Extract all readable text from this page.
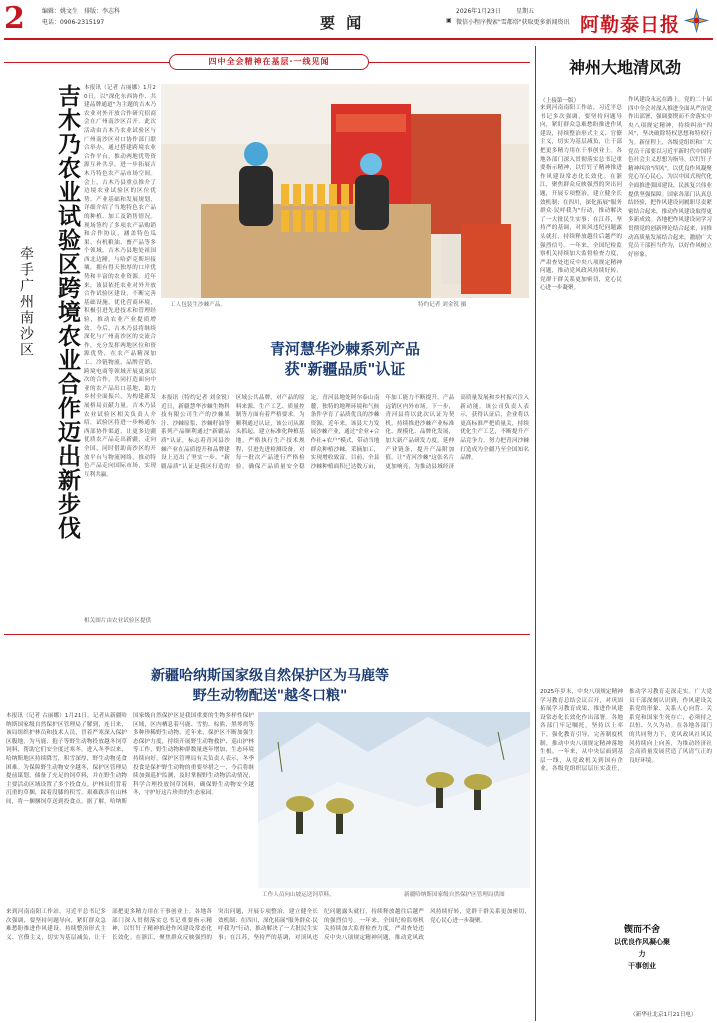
2	编辑：姚文生 排版：李志科
电话：0906-2315197	要 闻
2026年1月23日	星期五
▣ 微信小程序搜索"雪都塔"获取更多新闻资讯 阿勒泰日报
四中全会精神在基层·一线见闻
吉木乃农业试验区跨境农业合作迈出新步伐
牵手广州南沙区
本报讯（记者 古丽娜）1月20日，以"深化东西协作、共建品牌通道"为主题的吉木乃农业对外开放合作研究招商会在广州南沙区召开。此次活动由吉木乃农业试验区与广州南沙区对口协作部门联合举办，通过搭建跨境农业合作平台，推动两地优势资源互补共享，进一步拓展吉木乃特色农产品市场空间。会上，吉木乃县重点推介了边境农业试验区的区位优势、产业基础和发展规划，详细介绍了当地特色农产品的种植、加工及销售情况。现场签约了多项农产品购销和合作协议，涵盖特色瓜果、有机粮油、畜产品等多个领域。吉木乃县地处祖国西北边陲，与哈萨克斯坦接壤，拥有得天独厚的口岸优势和丰富的农业资源。近年来，该县依托农业对外开放合作试验区建设，不断完善基础设施，优化营商环境，积极引进先进技术和管理经验，推动农业产业提质增效。今后，吉木乃县将继续深化与广州南沙区的交流合作，充分发挥两地区位和资源优势，在农产品精深加工、冷链物流、品牌营销、跨境电商等领域开展更深层次的合作，共同打造面向中亚的农产品出口基地，助力乡村全面振兴，为构建新发展格局贡献力量。吉木乃县农业试验区相关负责人介绍，试验区将进一步畅通东西部协作渠道，让更多边疆优质农产品走出新疆，走向全国，同时借助南沙区的开放平台与物流网络，推动特色产品走向国际市场，实现互利共赢。
相关图片由农业试验区提供
工人包装生沙棘产品。	特约记者 刘金锐 摄
青河慧华沙棘系列产品
获"新疆品质"认证
本报讯（特约记者 刘金锐）近日，新疆慧华沙棘生物科技有限公司生产的沙棘果汁、沙棘原浆、沙棘籽油等系列产品顺利通过"新疆品质"认证，标志着青河县沙棘产业在品质提升和品牌建设上迈出了坚实一步。"新疆品质"认证是我区打造的区域公共品牌，对产品的原料来源、生产工艺、质量控制等方面有着严格要求。为顺利通过认证，该公司从源头抓起，建立标准化种植基地，严格执行生产技术规程，引进先进检测设备，对每一批次产品进行严格检验，确保产品质量安全稳定。青河县地处阿尔泰山南麓，独特的地理环境和气候条件孕育了品质优良的沙棘资源。近年来，该县大力发展沙棘产业，通过"企业+合作社+农户"模式，带动当地群众种植沙棘、采摘加工，实现增收致富。目前，全县沙棘种植面积已达数万亩，年加工能力不断提升，产品远销区内外市场。下一步，青河县将以此次认证为契机，持续推进沙棘产业标准化、规模化、品牌化发展，加大新产品研发力度，延伸产业链条，提升产品附加值，让"青河沙棘"这张名片更加响亮，为推动县域经济高质量发展和乡村振兴注入新动能。该公司负责人表示，获得认证后，企业将以更高标准严把质量关，持续优化生产工艺，不断提升产品竞争力，努力把青河沙棘打造成为全疆乃至全国知名品牌。
新疆哈纳斯国家级自然保护区为马鹿等
野生动物配送"越冬口粮"
本报讯（记者 古丽娜）1月21日，记者从新疆哈纳斯国家级自然保护区管理局了解到，连日来，该局组织护林员和技术人员，冒着严寒深入保护区腹地，为马鹿、狍子等野生动物投放越冬饲草饲料，帮助它们安全度过寒冬。进入冬季以来，哈纳斯地区持续降雪，积雪深厚，野生动物觅食困难。为保障野生动物安全越冬，保护区管理局提前谋划，储备了充足的饲草料，并在野生动物主要活动区域设置了多个投食点。护林员们背着沉重的草捆，踩着没膝的积雪，艰难跋涉在山林间，将一捆捆饲草送到投食点。据了解，哈纳斯国家级自然保护区是我国重要的生物多样性保护区域，区内栖息着马鹿、雪豹、棕熊、黑琴鸡等多种珍稀野生动物。近年来，保护区不断加强生态保护力度，持续开展野生动物救护、巡山护林等工作，野生动物种群数量逐年增加，生态环境持续向好。保护区管理局有关负责人表示，冬季投食是保护野生动物的重要举措之一，今后将继续加强巡护监测，及时掌握野生动物活动情况，科学合理投放饲草饲料，确保野生动物安全越冬，守护好这片珍贵的生态家园。
工作人员向山坡运送饲草料。	新疆哈纳斯国家级自然保护区管理局供图
神州大地清风劲
（上接第一版）
来到河南南阳工作站，习近平总书记多次强调，要坚持问题导向，紧盯群众急难愁盼推进作风建设，持续整治形式主义、官僚主义，切实为基层减负，让干部把更多精力用在干事创业上。各地各部门深入贯彻落实总书记重要指示精神，以钉钉子精神推进作风建设常态化长效化。在浙江，聚焦群众反映强烈的突出问题，开展专项整治，建立健全长效机制；在四川，深化拓展"服务群众·民呼我为"行动，推动解决了一大批民生实事；在江苏，坚持严的基调，对顶风违纪问题露头就打，持续释放越往后越严的强烈信号。一年来，全国纪检监察机关持续加大监督检查力度，严肃查处违反中央八项规定精神问题，推动党风政风持续好转，党群干群关系更加密切，党心民心进一步凝聚。
作风建设永远在路上。党的二十届四中全会对深入推进全面从严治党作出部署，强调要锲而不舍落实中央八项规定精神，持续纠治"四风"，坚决破除特权思想和特权行为。新征程上，各级党组织和广大党员干部要以习近平新时代中国特色社会主义思想为指导，以钉钉子精神纠治"四风"，以优良作风凝聚党心军心民心，为以中国式现代化全面推进强国建设、民族复兴伟业提供坚强保障。国家各部门认真总结经验，把作风建设同履职尽责紧密结合起来，推动作风建设取得更多新成效。各地把作风建设同学习贯彻党的创新理论结合起来，同推动高质量发展结合起来，激励广大党员干部担当作为，以好作风树立好形象。
锲而不舍
以优良作风凝心聚力
干事创业
2025年岁末，中央八项规定精神学习教育总结会议召开，对巩固拓展学习教育成果、推进作风建设常态化长效化作出部署。各地各部门牢记嘱托，坚持以上率下，强化教育引导，完善制度机制，推动中央八项规定精神落地生根。一年来，从中央层面到基层一线，从党政机关到国有企业，各级党组织层层压实责任，推动学习教育走深走实。广大党员干部深刻认识到，作风建设关系党的形象、关系人心向背、关系党和国家生死存亡，必须持之以恒、久久为功。在各地各部门的共同努力下，党风政风社风民风持续向上向善，为推动经济社会高质量发展营造了风清气正的良好环境。
（新华社北京1月21日电）
来到河南南阳工作站，习近平总书记多次强调，要坚持问题导向，紧盯群众急难愁盼推进作风建设，持续整治形式主义、官僚主义，切实为基层减负，让干部把更多精力用在干事创业上。各地各部门深入贯彻落实总书记重要指示精神，以钉钉子精神推进作风建设常态化长效化。在浙江，聚焦群众反映强烈的突出问题，开展专项整治，建立健全长效机制；在四川，深化拓展"服务群众·民呼我为"行动，推动解决了一大批民生实事；在江苏，坚持严的基调，对顶风违纪问题露头就打，持续释放越往后越严的强烈信号。一年来，全国纪检监察机关持续加大监督检查力度，严肃查处违反中央八项规定精神问题，推动党风政风持续好转，党群干群关系更加密切，党心民心进一步凝聚。
